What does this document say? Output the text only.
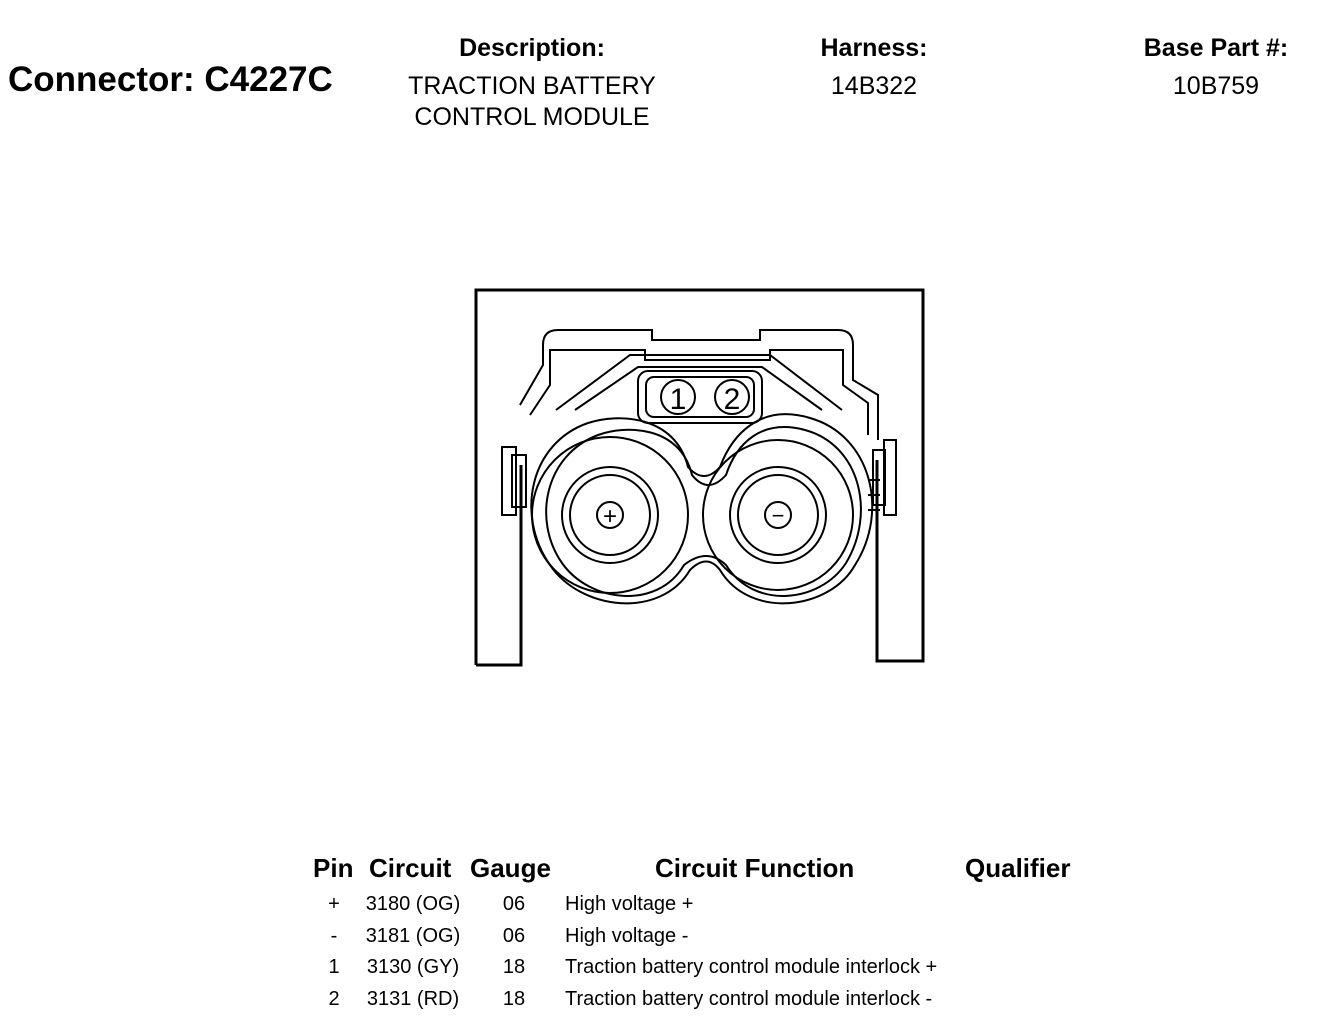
Connector: C4227C
Description:
TRACTION BATTERY
CONTROL MODULE
Harness:
14B322
Base Part #:
10B759
1 2
+	−
Pin Circuit Gauge	Circuit Function	Qualifier
+	3180 (OG)	06	High voltage +
-	3181 (OG)	06	High voltage -
1	3130 (GY)	18	Traction battery control module interlock +
2	3131 (RD)	18	Traction battery control module interlock -
